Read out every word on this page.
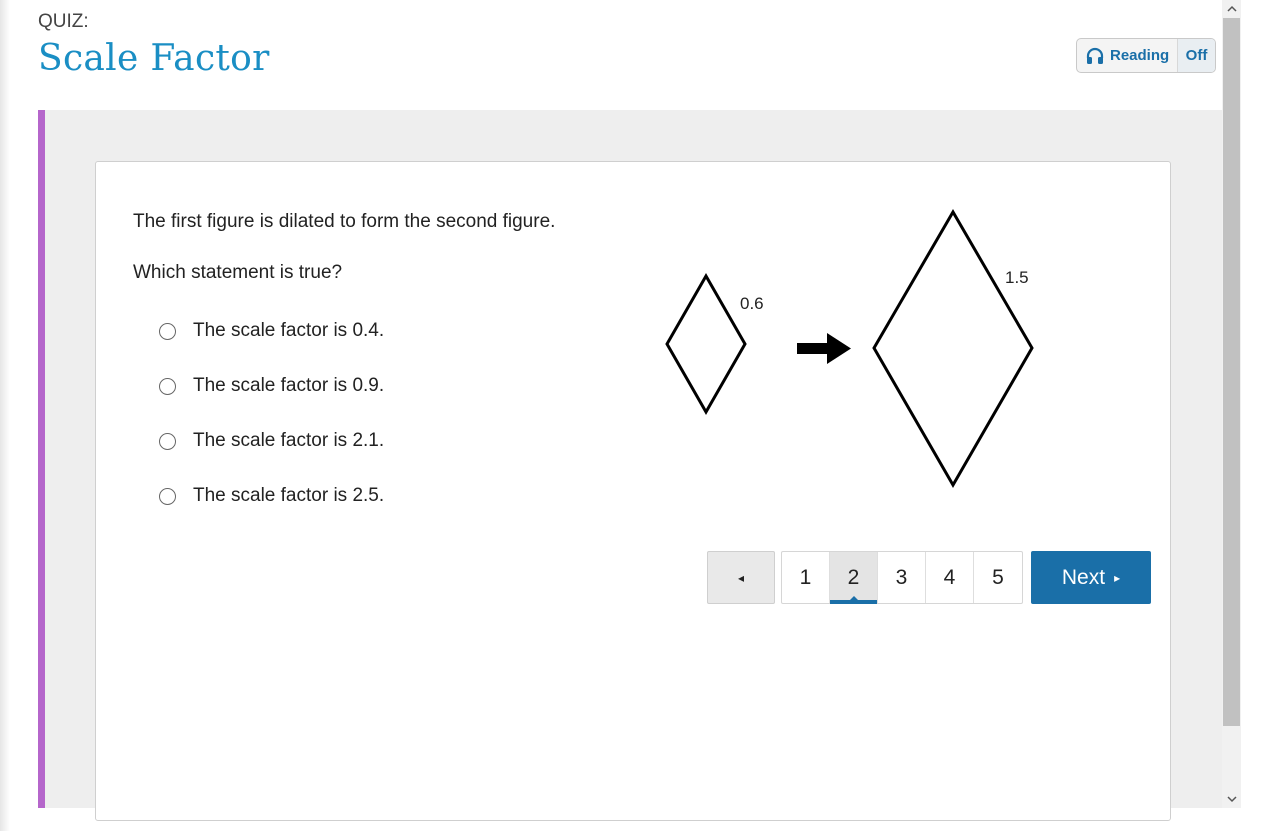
QUIZ:
Scale Factor	Reading	Off
The first figure is dilated to form the second figure.
Which statement is true?
The scale factor is 0.4.
The scale factor is 0.9.
The scale factor is 2.1.
The scale factor is 2.5.
0.6
1.5
◂	1	2	3	4	5	Next ▸
